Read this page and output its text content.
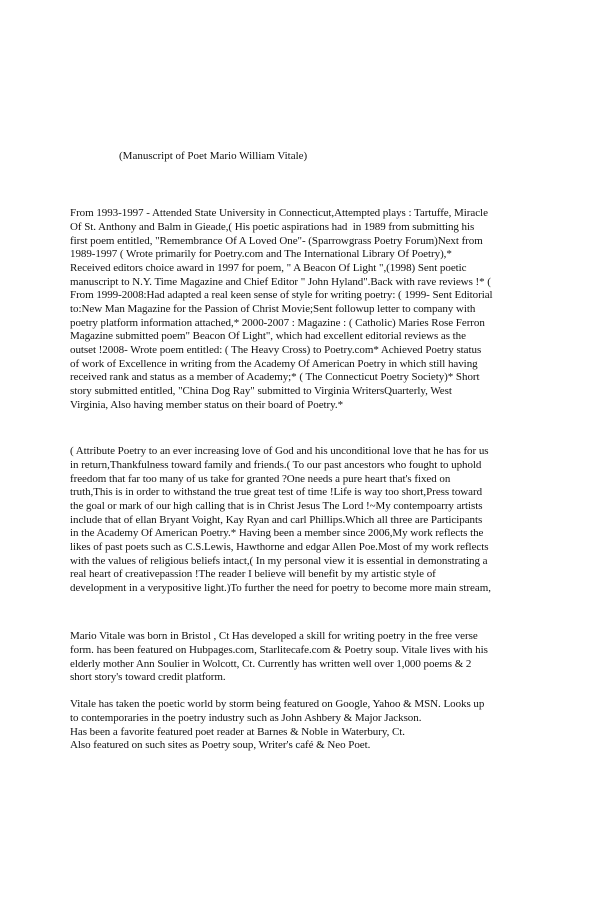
(Manuscript of Poet Mario William Vitale)
From 1993-1997 - Attended State University in Connecticut,Attempted plays : Tartuffe, Miracle
Of St. Anthony and Balm in Gieade,( His poetic aspirations had  in 1989 from submitting his
first poem entitled, "Remembrance Of A Loved One"- (Sparrowgrass Poetry Forum)Next from
1989-1997 ( Wrote primarily for Poetry.com and The International Library Of Poetry),*
Received editors choice award in 1997 for poem, " A Beacon Of Light ",(1998) Sent poetic
manuscript to N.Y. Time Magazine and Chief Editor " John Hyland".Back with rave reviews !* (
From 1999-2008:Had adapted a real keen sense of style for writing poetry: ( 1999- Sent Editorial
to:New Man Magazine for the Passion of Christ Movie;Sent followup letter to company with
poetry platform information attached,* 2000-2007 : Magazine : ( Catholic) Maries Rose Ferron
Magazine submitted poem" Beacon Of Light", which had excellent editorial reviews as the
outset !2008- Wrote poem entitled: ( The Heavy Cross) to Poetry.com* Achieved Poetry status
of work of Excellence in writing from the Academy Of American Poetry in which still having
received rank and status as a member of Academy;* ( The Connecticut Poetry Society)* Short
story submitted entitled, "China Dog Ray" submitted to Virginia WritersQuarterly, West
Virginia, Also having member status on their board of Poetry.*
( Attribute Poetry to an ever increasing love of God and his unconditional love that he has for us
in return,Thankfulness toward family and friends.( To our past ancestors who fought to uphold
freedom that far too many of us take for granted ?One needs a pure heart that's fixed on
truth,This is in order to withstand the true great test of time !Life is way too short,Press toward
the goal or mark of our high calling that is in Christ Jesus The Lord !~My contempoarry artists
include that of ellan Bryant Voight, Kay Ryan and carl Phillips.Which all three are Participants
in the Academy Of American Poetry.* Having been a member since 2006,My work reflects the
likes of past poets such as C.S.Lewis, Hawthorne and edgar Allen Poe.Most of my work reflects
with the values of religious beliefs intact,( In my personal view it is essential in demonstrating a
real heart of creativepassion !The reader I believe will benefit by my artistic style of
development in a verypositive light.)To further the need for poetry to become more main stream,
Mario Vitale was born in Bristol , Ct Has developed a skill for writing poetry in the free verse
form. has been featured on Hubpages.com, Starlitecafe.com & Poetry soup. Vitale lives with his
elderly mother Ann Soulier in Wolcott, Ct. Currently has written well over 1,000 poems & 2
short story's toward credit platform.
Vitale has taken the poetic world by storm being featured on Google, Yahoo & MSN. Looks up
to contemporaries in the poetry industry such as John Ashbery & Major Jackson.
Has been a favorite featured poet reader at Barnes & Noble in Waterbury, Ct.
Also featured on such sites as Poetry soup, Writer's café & Neo Poet.
